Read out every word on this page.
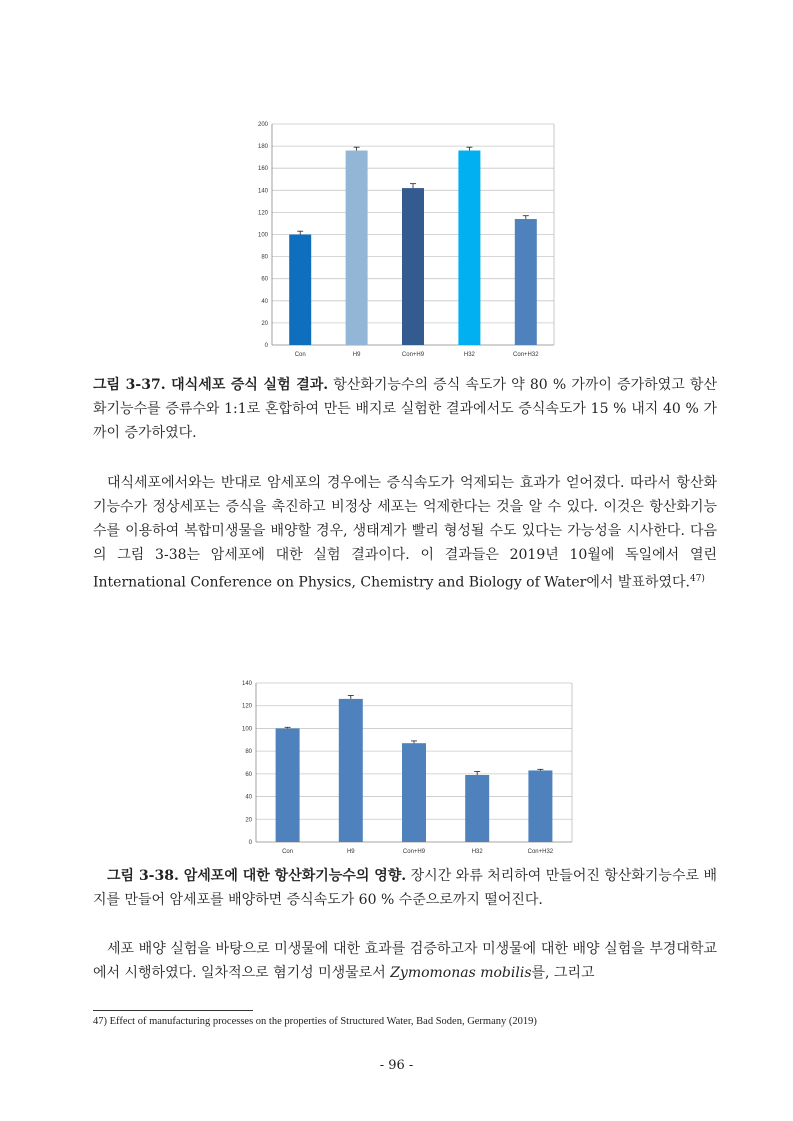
0
20
40
60
80
100
120
140
160
180
200
Con	H9	Con+H9	H32	Con+H32

그림 3-37. 대식세포 증식 실험 결과. 항산화기능수의 증식 속도가 약 80 % 가까이 증가하였고 항산화기능수를 증류수와 1:1로 혼합하여 만든 배지로 실험한 결과에서도 증식속도가 15 % 내지 40 % 가까이 증가하였다.

대식세포에서와는 반대로 암세포의 경우에는 증식속도가 억제되는 효과가 얻어졌다. 따라서 항산화기능수가 정상세포는 증식을 촉진하고 비정상 세포는 억제한다는 것을 알 수 있다. 이것은 항산화기능수를 이용하여 복합미생물을 배양할 경우, 생태계가 빨리 형성될 수도 있다는 가능성을 시사한다. 다음의 그림 3-38는 암세포에 대한 실험 결과이다. 이 결과들은 2019년 10월에 독일에서 열린 International Conference on Physics, Chemistry and Biology of Water에서 발표하였다.$^{47)}$

0
20
40
60
80
100
120
140
Con	H9	Con+H9	H32	Con+H32

그림 3-38. 암세포에 대한 항산화기능수의 영향. 장시간 와류 처리하여 만들어진 항산화기능수로 배지를 만들어 암세포를 배양하면 증식속도가 60 % 수준으로까지 떨어진다.

세포 배양 실험을 바탕으로 미생물에 대한 효과를 검증하고자 미생물에 대한 배양 실험을 부경대학교에서 시행하였다. 일차적으로 혐기성 미생물로서 Zymomonas mobilis를, 그리고

47) Effect of manufacturing processes on the properties of Structured Water, Bad Soden, Germany (2019)
- 96 -
